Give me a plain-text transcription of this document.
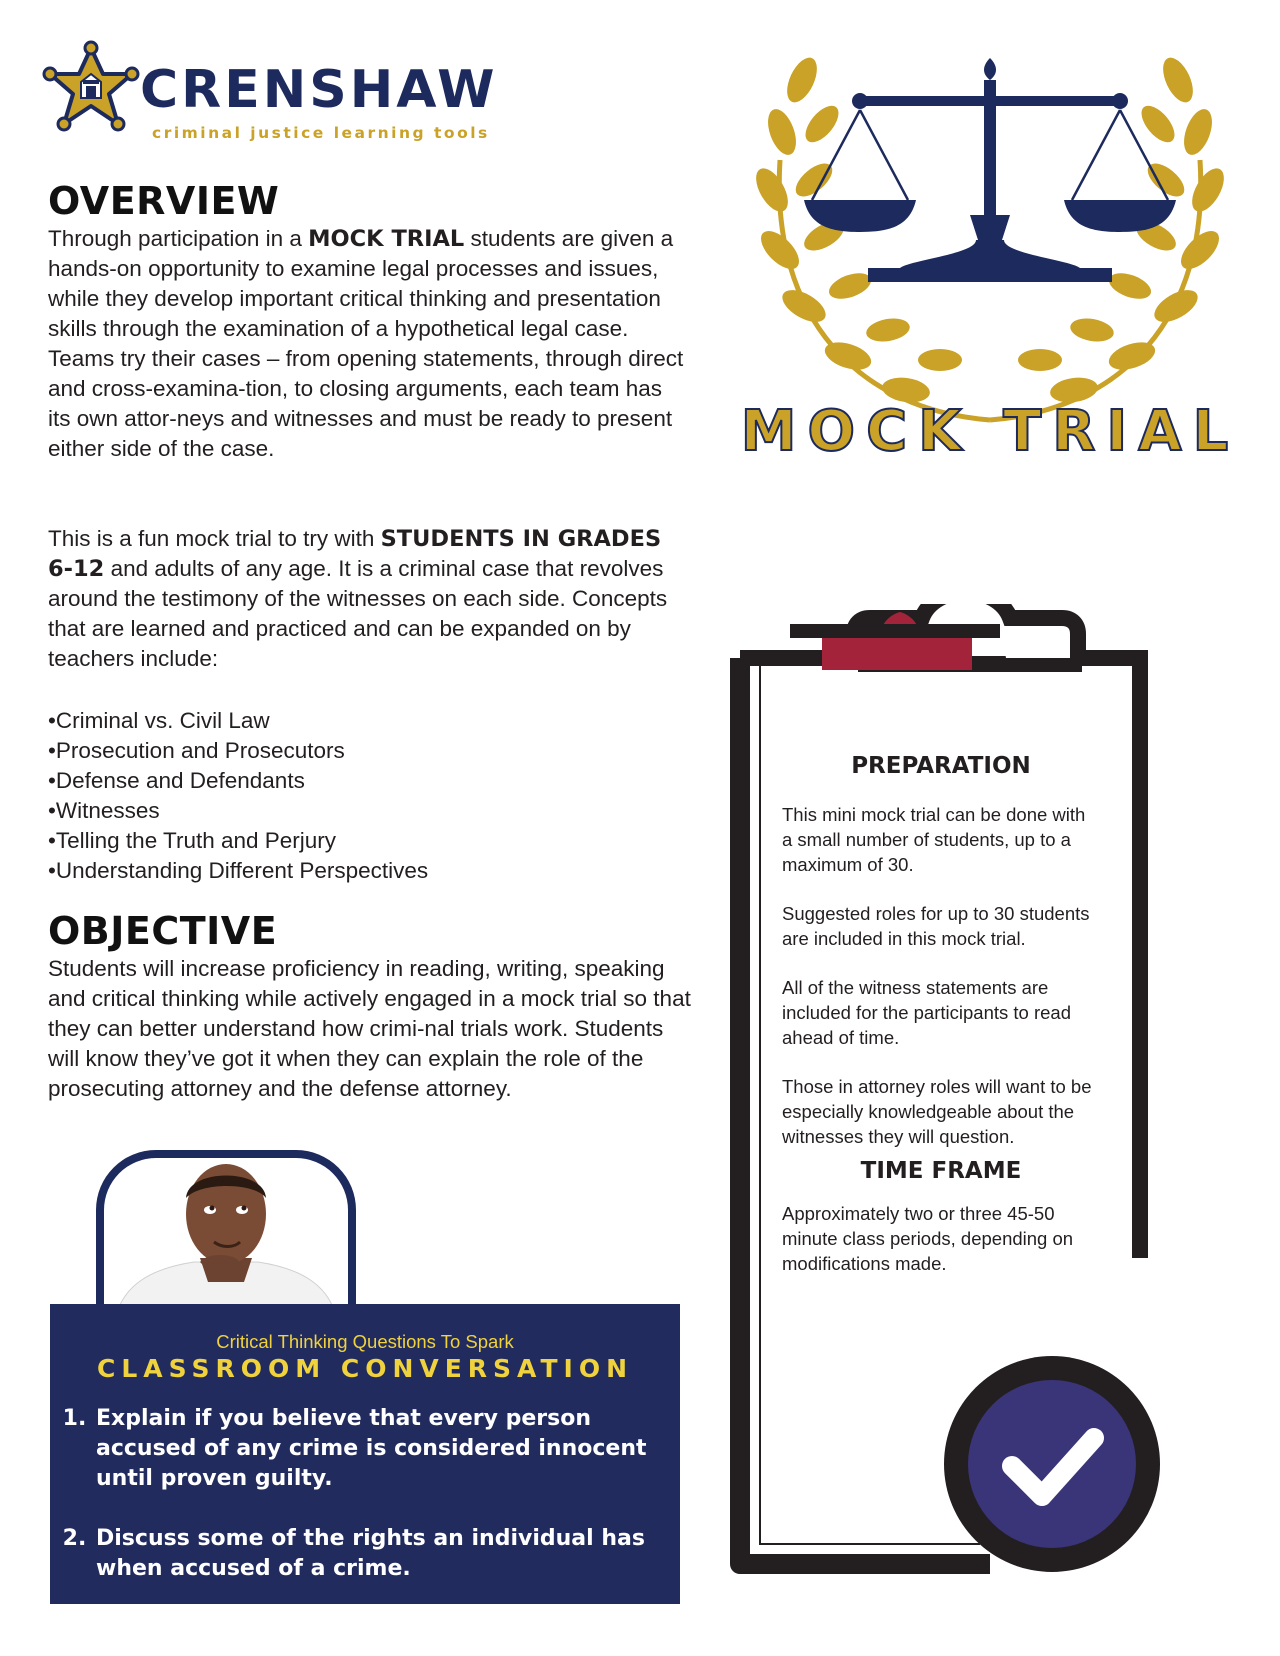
CRENSHAW
criminal justice learning tools
OVERVIEW

Through participation in a MOCK TRIAL students are given a hands-on opportunity to examine legal processes and issues, while they develop important critical thinking and presentation skills through the examination of a hypothetical legal case. Teams try their cases – from opening statements, through direct and cross-examina-tion, to closing arguments, each team has its own attor-neys and witnesses and must be ready to present either side of the case.

This is a fun mock trial to try with STUDENTS IN GRADES 6-12 and adults of any age. It is a criminal case that revolves around the testimony of the witnesses on each side. Concepts that are learned and practiced and can be expanded on by teachers include:

• Criminal vs. Civil Law
• Prosecution and Prosecutors
• Defense and Defendants
• Witnesses
• Telling the Truth and Perjury
• Understanding Different Perspectives
OBJECTIVE

Students will increase proficiency in reading, writing, speaking and critical thinking while actively engaged in a mock trial so that they can better understand how crimi-nal trials work. Students will know they’ve got it when they can explain the role of the prosecuting attorney and the defense attorney.

MOCK TRIAL

PREPARATION

This mini mock trial can be done with a small number of students, up to a maximum of 30.

Suggested roles for up to 30 students are included in this mock trial.

All of the witness statements are included for the participants to read ahead of time.

Those in attorney roles will want to be especially knowledgeable about the witnesses they will question.

TIME FRAME

Approximately two or three 45-50 minute class periods, depending on modifications made.

Critical Thinking Questions To Spark

CLASSROOM CONVERSATION

1. Explain if you believe that every person accused of any crime is considered innocent until proven guilty.
2. Discuss some of the rights an individual has when accused of a crime.
